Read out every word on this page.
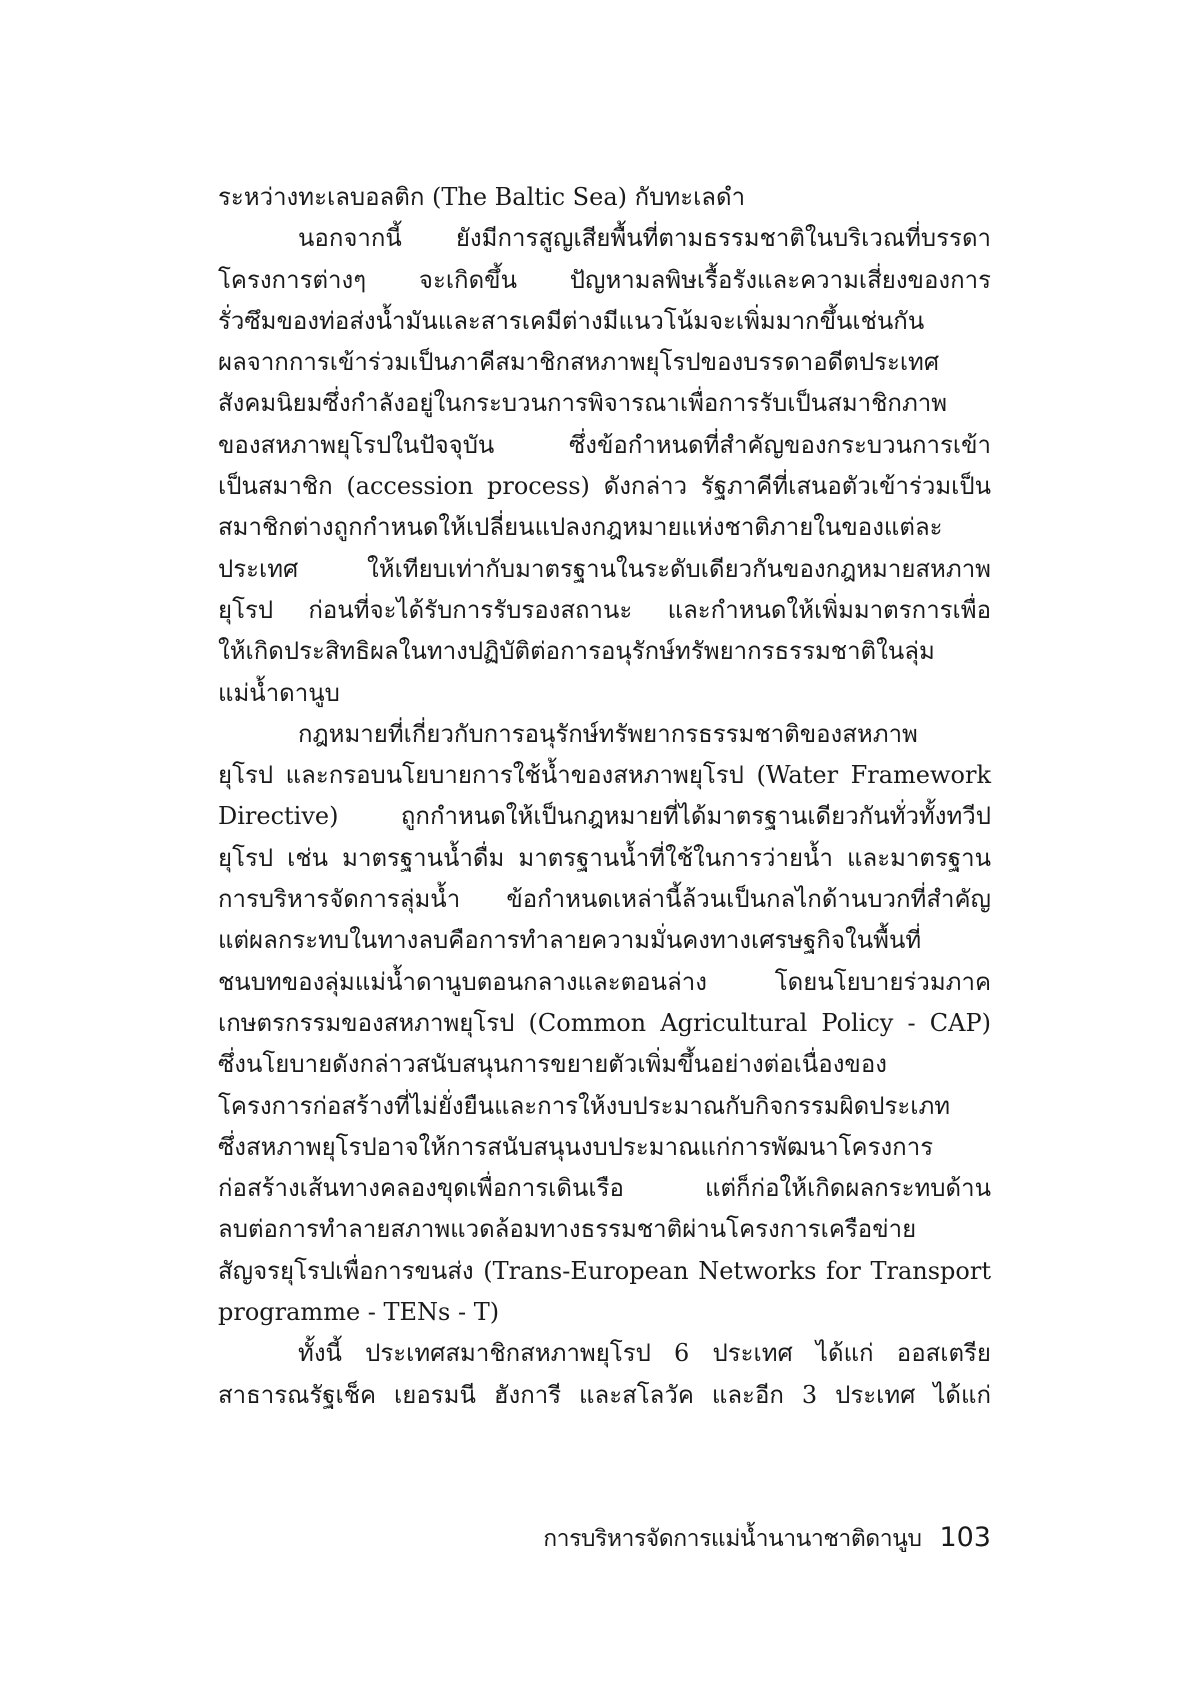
ระหว่างทะเลบอลติก (The Baltic Sea) กับทะเลดำ

นอกจากนี้ ยังมีการสูญเสียพื้นที่ตามธรรมชาติในบริเวณที่บรรดา

โครงการต่างๆ จะเกิดขึ้น ปัญหามลพิษเรื้อรังและความเสี่ยงของการ

รั่วซึมของท่อส่งน้ำมันและสารเคมีต่างมีแนวโน้มจะเพิ่มมากขึ้นเช่นกัน

ผลจากการเข้าร่วมเป็นภาคีสมาชิกสหภาพยุโรปของบรรดาอดีตประเทศ

สังคมนิยมซึ่งกำลังอยู่ในกระบวนการพิจารณาเพื่อการรับเป็นสมาชิกภาพ

ของสหภาพยุโรปในปัจจุบัน ซึ่งข้อกำหนดที่สำคัญของกระบวนการเข้า

เป็นสมาชิก (accession process) ดังกล่าว รัฐภาคีที่เสนอตัวเข้าร่วมเป็น

สมาชิกต่างถูกกำหนดให้เปลี่ยนแปลงกฎหมายแห่งชาติภายในของแต่ละ

ประเทศ ให้เทียบเท่ากับมาตรฐานในระดับเดียวกันของกฎหมายสหภาพ

ยุโรป ก่อนที่จะได้รับการรับรองสถานะ และกำหนดให้เพิ่มมาตรการเพื่อ

ให้เกิดประสิทธิผลในทางปฏิบัติต่อการอนุรักษ์ทรัพยากรธรรมชาติในลุ่ม

แม่น้ำดานูบ

กฎหมายที่เกี่ยวกับการอนุรักษ์ทรัพยากรธรรมชาติของสหภาพ

ยุโรป และกรอบนโยบายการใช้น้ำของสหภาพยุโรป (Water Framework

Directive) ถูกกำหนดให้เป็นกฎหมายที่ได้มาตรฐานเดียวกันทั่วทั้งทวีป

ยุโรป เช่น มาตรฐานน้ำดื่ม มาตรฐานน้ำที่ใช้ในการว่ายน้ำ และมาตรฐาน

การบริหารจัดการลุ่มน้ำ ข้อกำหนดเหล่านี้ล้วนเป็นกลไกด้านบวกที่สำคัญ

แต่ผลกระทบในทางลบคือการทำลายความมั่นคงทางเศรษฐกิจในพื้นที่

ชนบทของลุ่มแม่น้ำดานูบตอนกลางและตอนล่าง โดยนโยบายร่วมภาค

เกษตรกรรมของสหภาพยุโรป (Common Agricultural Policy - CAP)

ซึ่งนโยบายดังกล่าวสนับสนุนการขยายตัวเพิ่มขึ้นอย่างต่อเนื่องของ

โครงการก่อสร้างที่ไม่ยั่งยืนและการให้งบประมาณกับกิจกรรมผิดประเภท

ซึ่งสหภาพยุโรปอาจให้การสนับสนุนงบประมาณแก่การพัฒนาโครงการ

ก่อสร้างเส้นทางคลองขุดเพื่อการเดินเรือ แต่ก็ก่อให้เกิดผลกระทบด้าน

ลบต่อการทำลายสภาพแวดล้อมทางธรรมชาติผ่านโครงการเครือข่าย

สัญจรยุโรปเพื่อการขนส่ง (Trans-European Networks for Transport

programme - TENs - T)

ทั้งนี้ ประเทศสมาชิกสหภาพยุโรป 6 ประเทศ ได้แก่ ออสเตรีย

สาธารณรัฐเช็ค เยอรมนี ฮังการี และสโลวัค และอีก 3 ประเทศ ได้แก่

การบริหารจัดการแม่น้ำนานาชาติดานูบ 103
